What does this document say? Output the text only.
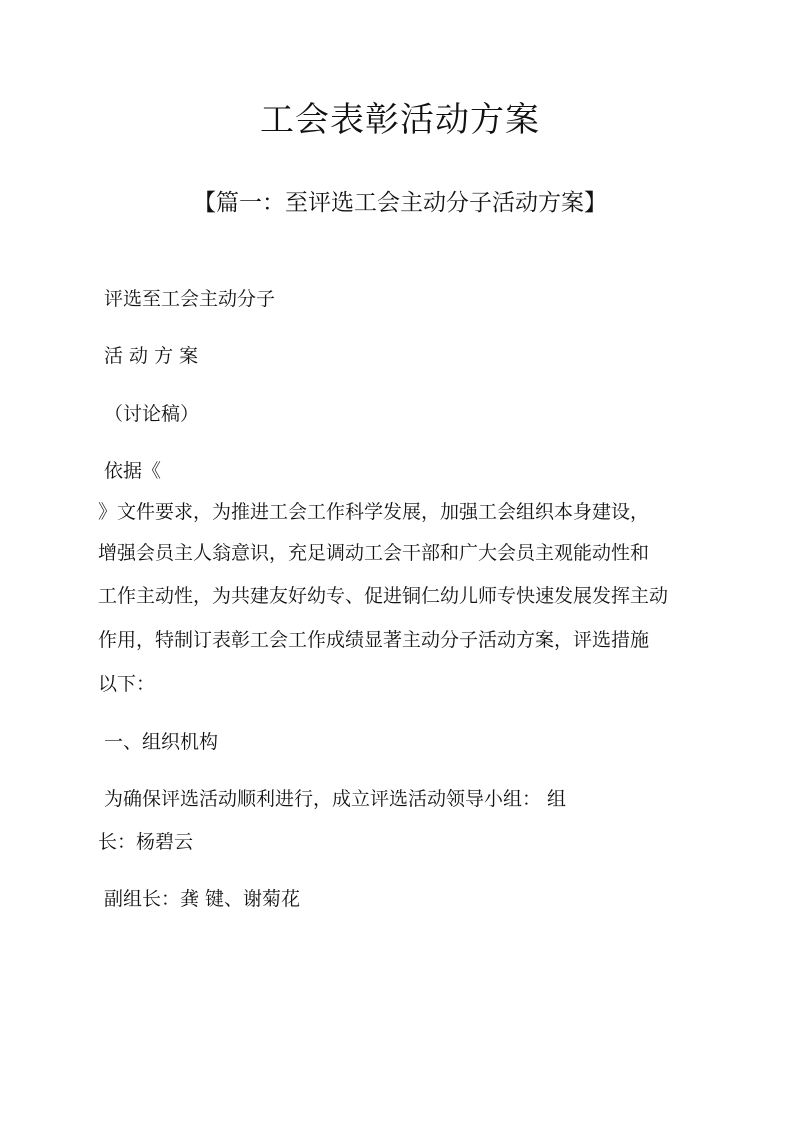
工会表彰活动方案
【篇一：至评选工会主动分子活动方案】
评选至工会主动分子
活 动 方 案
（讨论稿）
依据《
》文件要求，为推进工会工作科学发展，加强工会组织本身建设，
增强会员主人翁意识，充足调动工会干部和广大会员主观能动性和
工作主动性，为共建友好幼专、促进铜仁幼儿师专快速发展发挥主动
作用，特制订表彰工会工作成绩显著主动分子活动方案，评选措施
以下：
一、组织机构
为确保评选活动顺利进行，成立评选活动领导小组： 组
长：杨碧云
副组长：龚 键、谢菊花
